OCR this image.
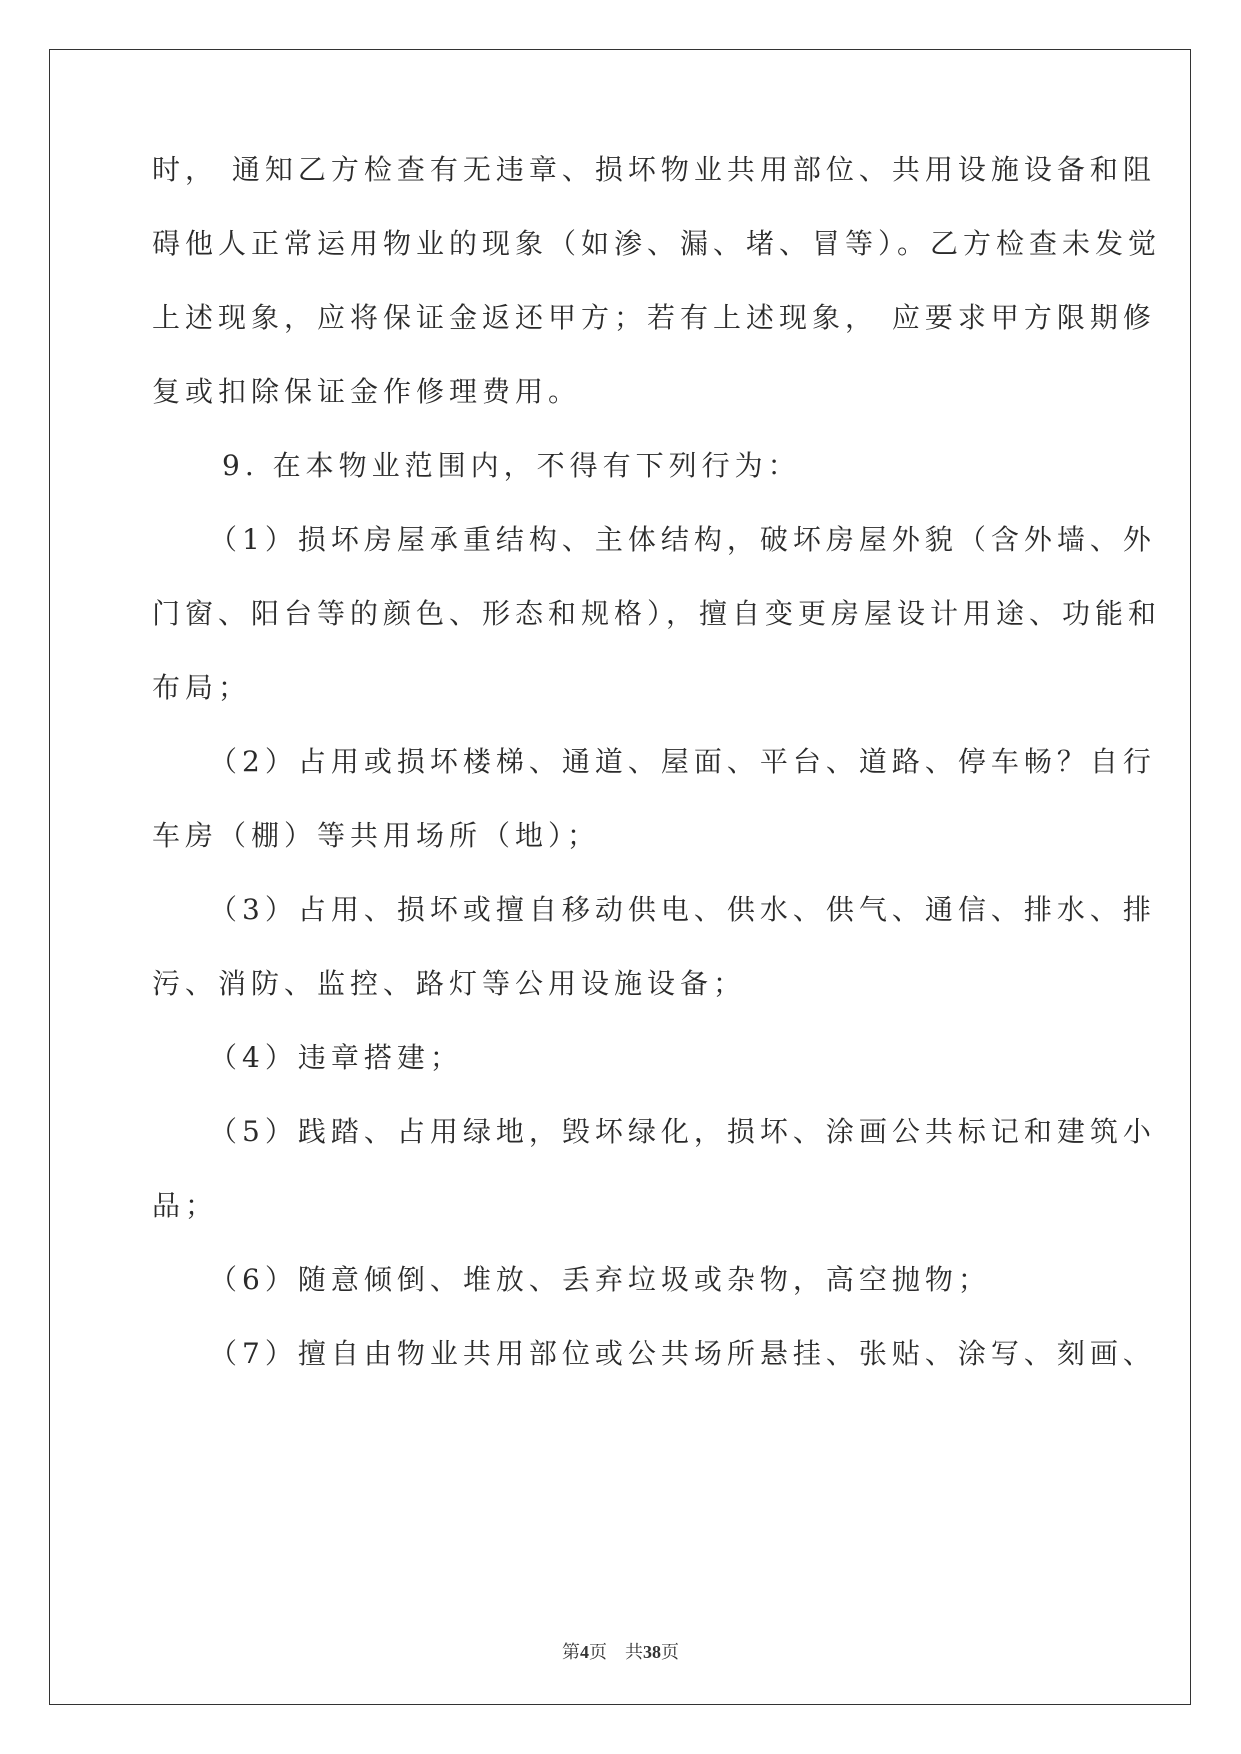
时， 通知乙方检查有无违章、损坏物业共用部位、共用设施设备和阻
碍他人正常运用物业的现象（如渗、漏、堵、冒等）。乙方检查未发觉
上述现象，应将保证金返还甲方；若有上述现象， 应要求甲方限期修
复或扣除保证金作修理费用。
9. 在本物业范围内，不得有下列行为：
（1）损坏房屋承重结构、主体结构，破坏房屋外貌（含外墙、外
门窗、阳台等的颜色、形态和规格），擅自变更房屋设计用途、功能和
布局；
（2）占用或损坏楼梯、通道、屋面、平台、道路、停车畅？自行
车房（棚）等共用场所（地）；
（3）占用、损坏或擅自移动供电、供水、供气、通信、排水、排
污、消防、监控、路灯等公用设施设备；
（4）违章搭建；
（5）践踏、占用绿地，毁坏绿化，损坏、涂画公共标记和建筑小
品；
（6）随意倾倒、堆放、丢弃垃圾或杂物，高空抛物；
（7）擅自由物业共用部位或公共场所悬挂、张贴、涂写、刻画、
第4页 共38页
